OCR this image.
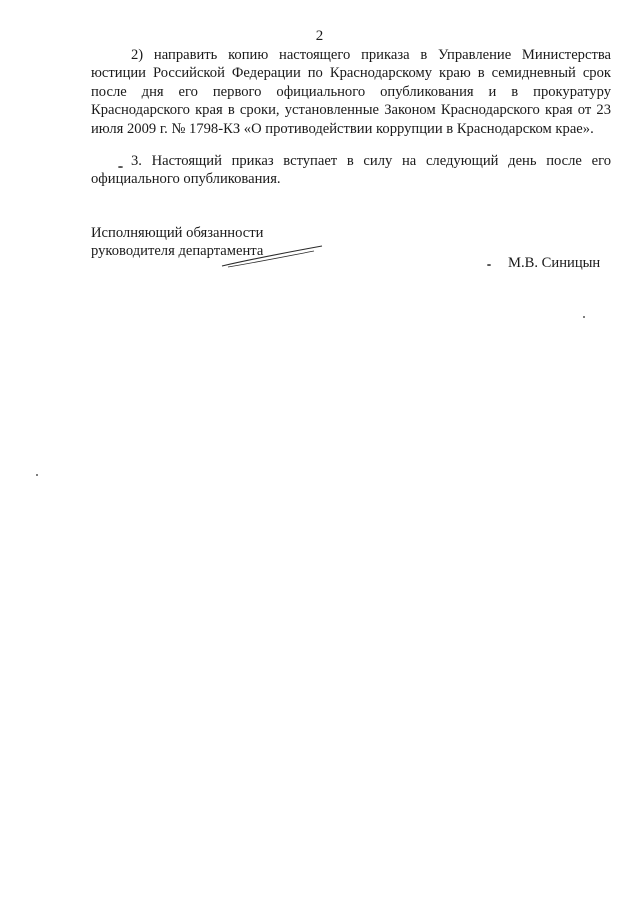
2

2) направить копию настоящего приказа в Управление Министерства юстиции Российской Федерации по Краснодарскому краю в семидневный срок после дня его первого официального опубликования и в прокуратуру Краснодарского края в сроки, установленные Законом Краснодарского края от 23 июля 2009 г. № 1798-КЗ «О противодействии коррупции в Краснодарском крае».

3. Настоящий приказ вступает в силу на следующий день после его официального опубликования.

Исполняющий обязанности
руководителя департамента
М.В. Синицын
